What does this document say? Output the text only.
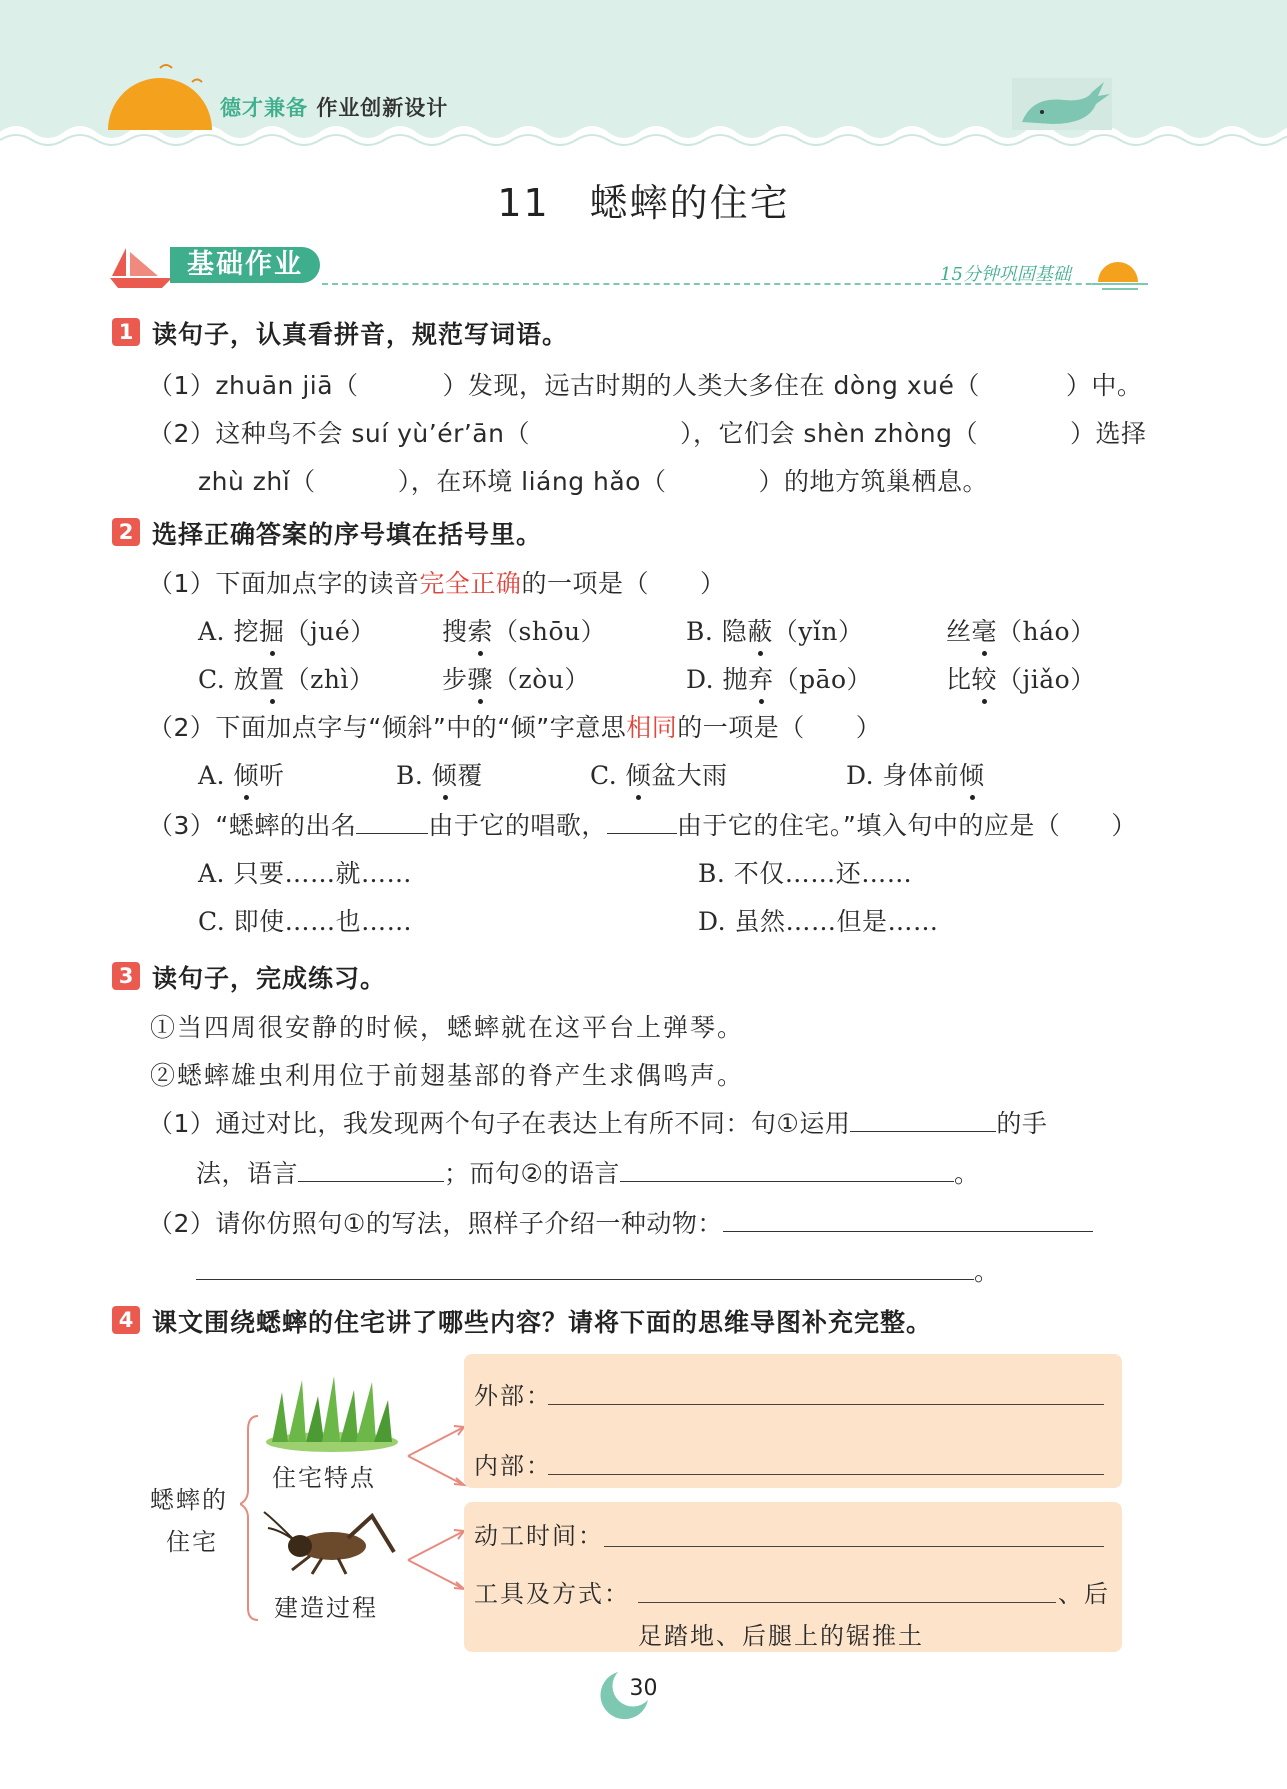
德才兼备 作业创新设计
11　蟋蟀的住宅
基础作业	15分钟巩固基础
1 读句子，认真看拼音，规范写词语。
（1）zhuān jiā（	）发现，远古时期的人类大多住在 dòng xué（	）中。
（2）这种鸟不会 suí yù’ér’ān（	），它们会 shèn zhòng（	）选择
zhù zhǐ（	），在环境 liáng hǎo（	）的地方筑巢栖息。
2 选择正确答案的序号填在括号里。
（1）下面加点字的读音完全正确的一项是（　　）
A. 挖掘（jué）	搜索（shōu）	B. 隐蔽（yǐn）	丝毫（háo）
C. 放置（zhì）	步骤（zòu）	D. 抛弃（pāo）	比较（jiǎo）
（2）下面加点字与“倾斜”中的“倾”字意思相同的一项是（　　）
A. 倾听	B. 倾覆	C. 倾盆大雨	D. 身体前倾
（3）“蟋蟀的出名	由于它的唱歌，	由于它的住宅。”填入句中的应是（　　）
A. 只要……就……	B. 不仅……还……
C. 即使……也……	D. 虽然……但是……
3 读句子，完成练习。
①当四周很安静的时候，蟋蟀就在这平台上弹琴。
②蟋蟀雄虫利用位于前翅基部的脊产生求偶鸣声。
（1）通过对比，我发现两个句子在表达上有所不同：句①运用	的手
法，语言	；而句②的语言	。
（2）请你仿照句①的写法，照样子介绍一种动物：
。
4 课文围绕蟋蟀的住宅讲了哪些内容？请将下面的思维导图补充完整。
蟋蟀的
住宅
住宅特点
建造过程
外部：
内部：
动工时间：
工具及方式：	、后
足踏地、后腿上的锯推土
30
